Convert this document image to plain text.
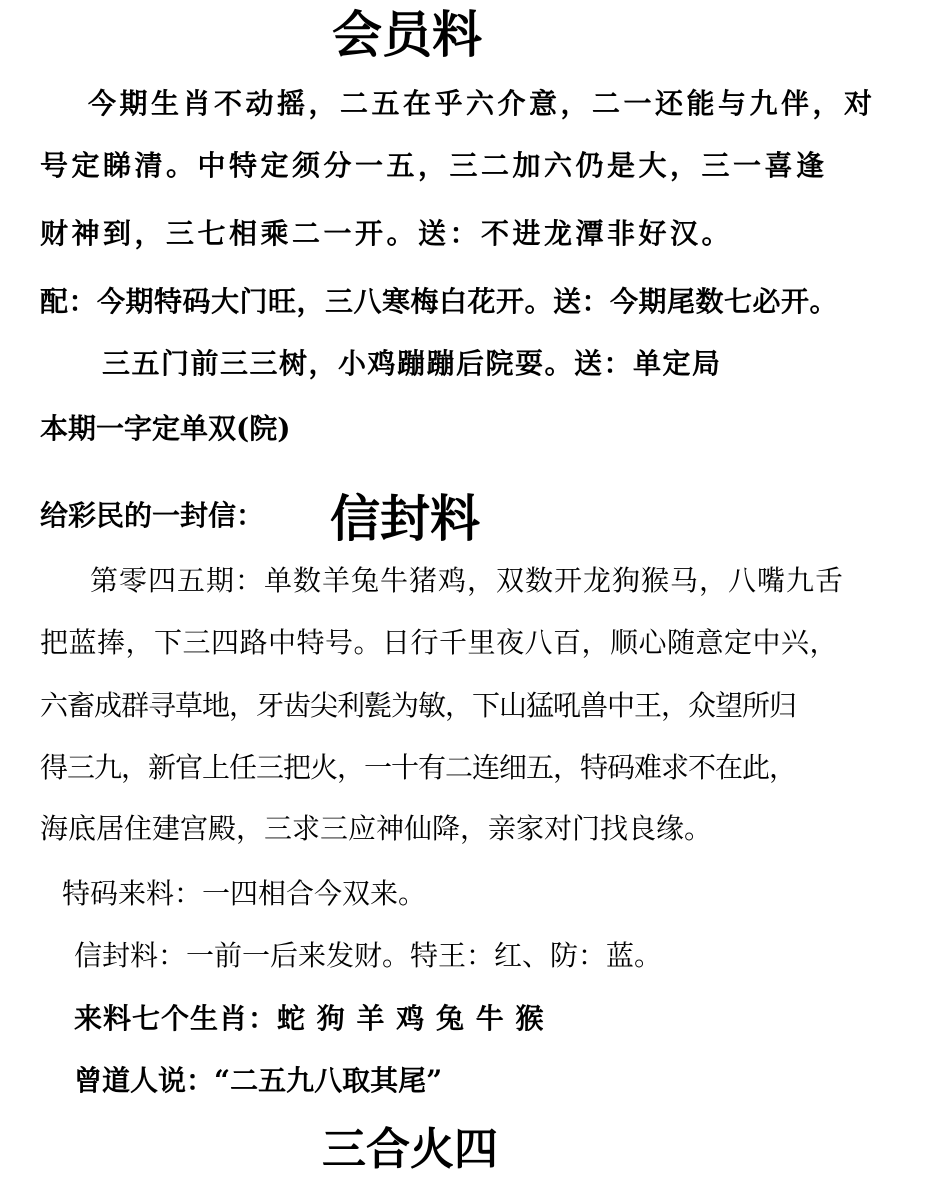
会员料
今期生肖不动摇，二五在乎六介意，二一还能与九伴，对
号定睇清。中特定须分一五，三二加六仍是大，三一喜逢
财神到，三七相乘二一开。送：不进龙潭非好汉。
配：今期特码大门旺，三八寒梅白花开。送：今期尾数七必开。
三五门前三三树，小鸡蹦蹦后院耍。送：单定局
本期一字定单双(院)
给彩民的一封信： 信封料
第零四五期：单数羊兔牛猪鸡，双数开龙狗猴马，八嘴九舌
把蓝捧，下三四路中特号。日行千里夜八百，顺心随意定中兴，
六畜成群寻草地，牙齿尖利甏为敏，下山猛吼兽中王，众望所归
得三九，新官上任三把火，一十有二连细五，特码难求不在此，
海底居住建宫殿，三求三应神仙降，亲家对门找良缘。
特码来料：一四相合今双来。
信封料：一前一后来发财。特王：红、防：蓝。
来料七个生肖：蛇 狗 羊 鸡 兔 牛 猴
曾道人说：“二五九八取其尾”
三合火四
